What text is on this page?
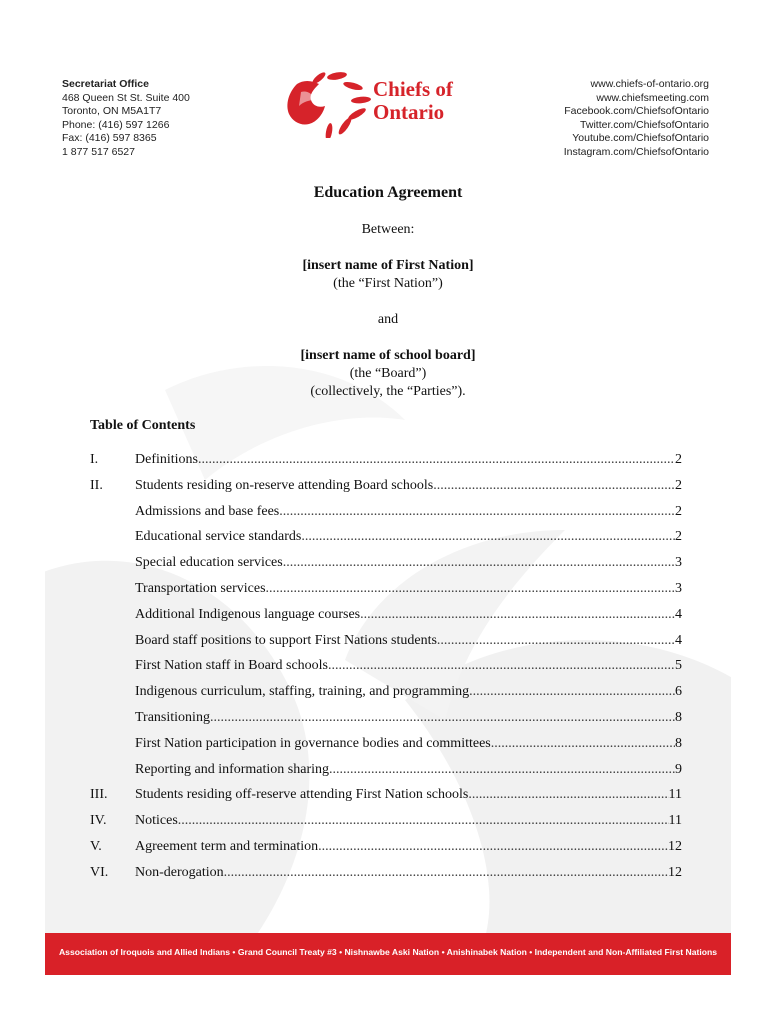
Secretariat Office
468 Queen St St. Suite 400
Toronto, ON M5A1T7
Phone: (416) 597 1266
Fax: (416) 597 8365
1 877 517 6527
Chiefs of
Ontario
www.chiefs-of-ontario.org
www.chiefsmeeting.com
Facebook.com/ChiefsofOntario
Twitter.com/ChiefsofOntario
Youtube.com/ChiefsofOntario
Instagram.com/ChiefsofOntario
Education Agreement
Between:
[insert name of First Nation]
(the “First Nation”)
and
[insert name of school board]
(the “Board”)
(collectively, the “Parties”).
Table of Contents
I.	Definitions .....	2
II. Students residing on-reserve attending Board schools .....	2
Admissions and base fees .....	2
Educational service standards .....	2
Special education services .....	3
Transportation services .....	3
Additional Indigenous language courses .....	4
Board staff positions to support First Nations students .....	4
First Nation staff in Board schools .....	5
Indigenous curriculum, staffing, training, and programming .....	6
Transitioning .....	8
First Nation participation in governance bodies and committees .....	8
Reporting and information sharing .....	9
III. Students residing off-reserve attending First Nation schools .....	11
IV. Notices .....	11
V. Agreement term and termination .....	12
VI. Non-derogation .....	12
Association of Iroquois and Allied Indians • Grand Council Treaty #3 • Nishnawbe Aski Nation • Anishinabek Nation • Independent and Non-Affiliated First Nations
